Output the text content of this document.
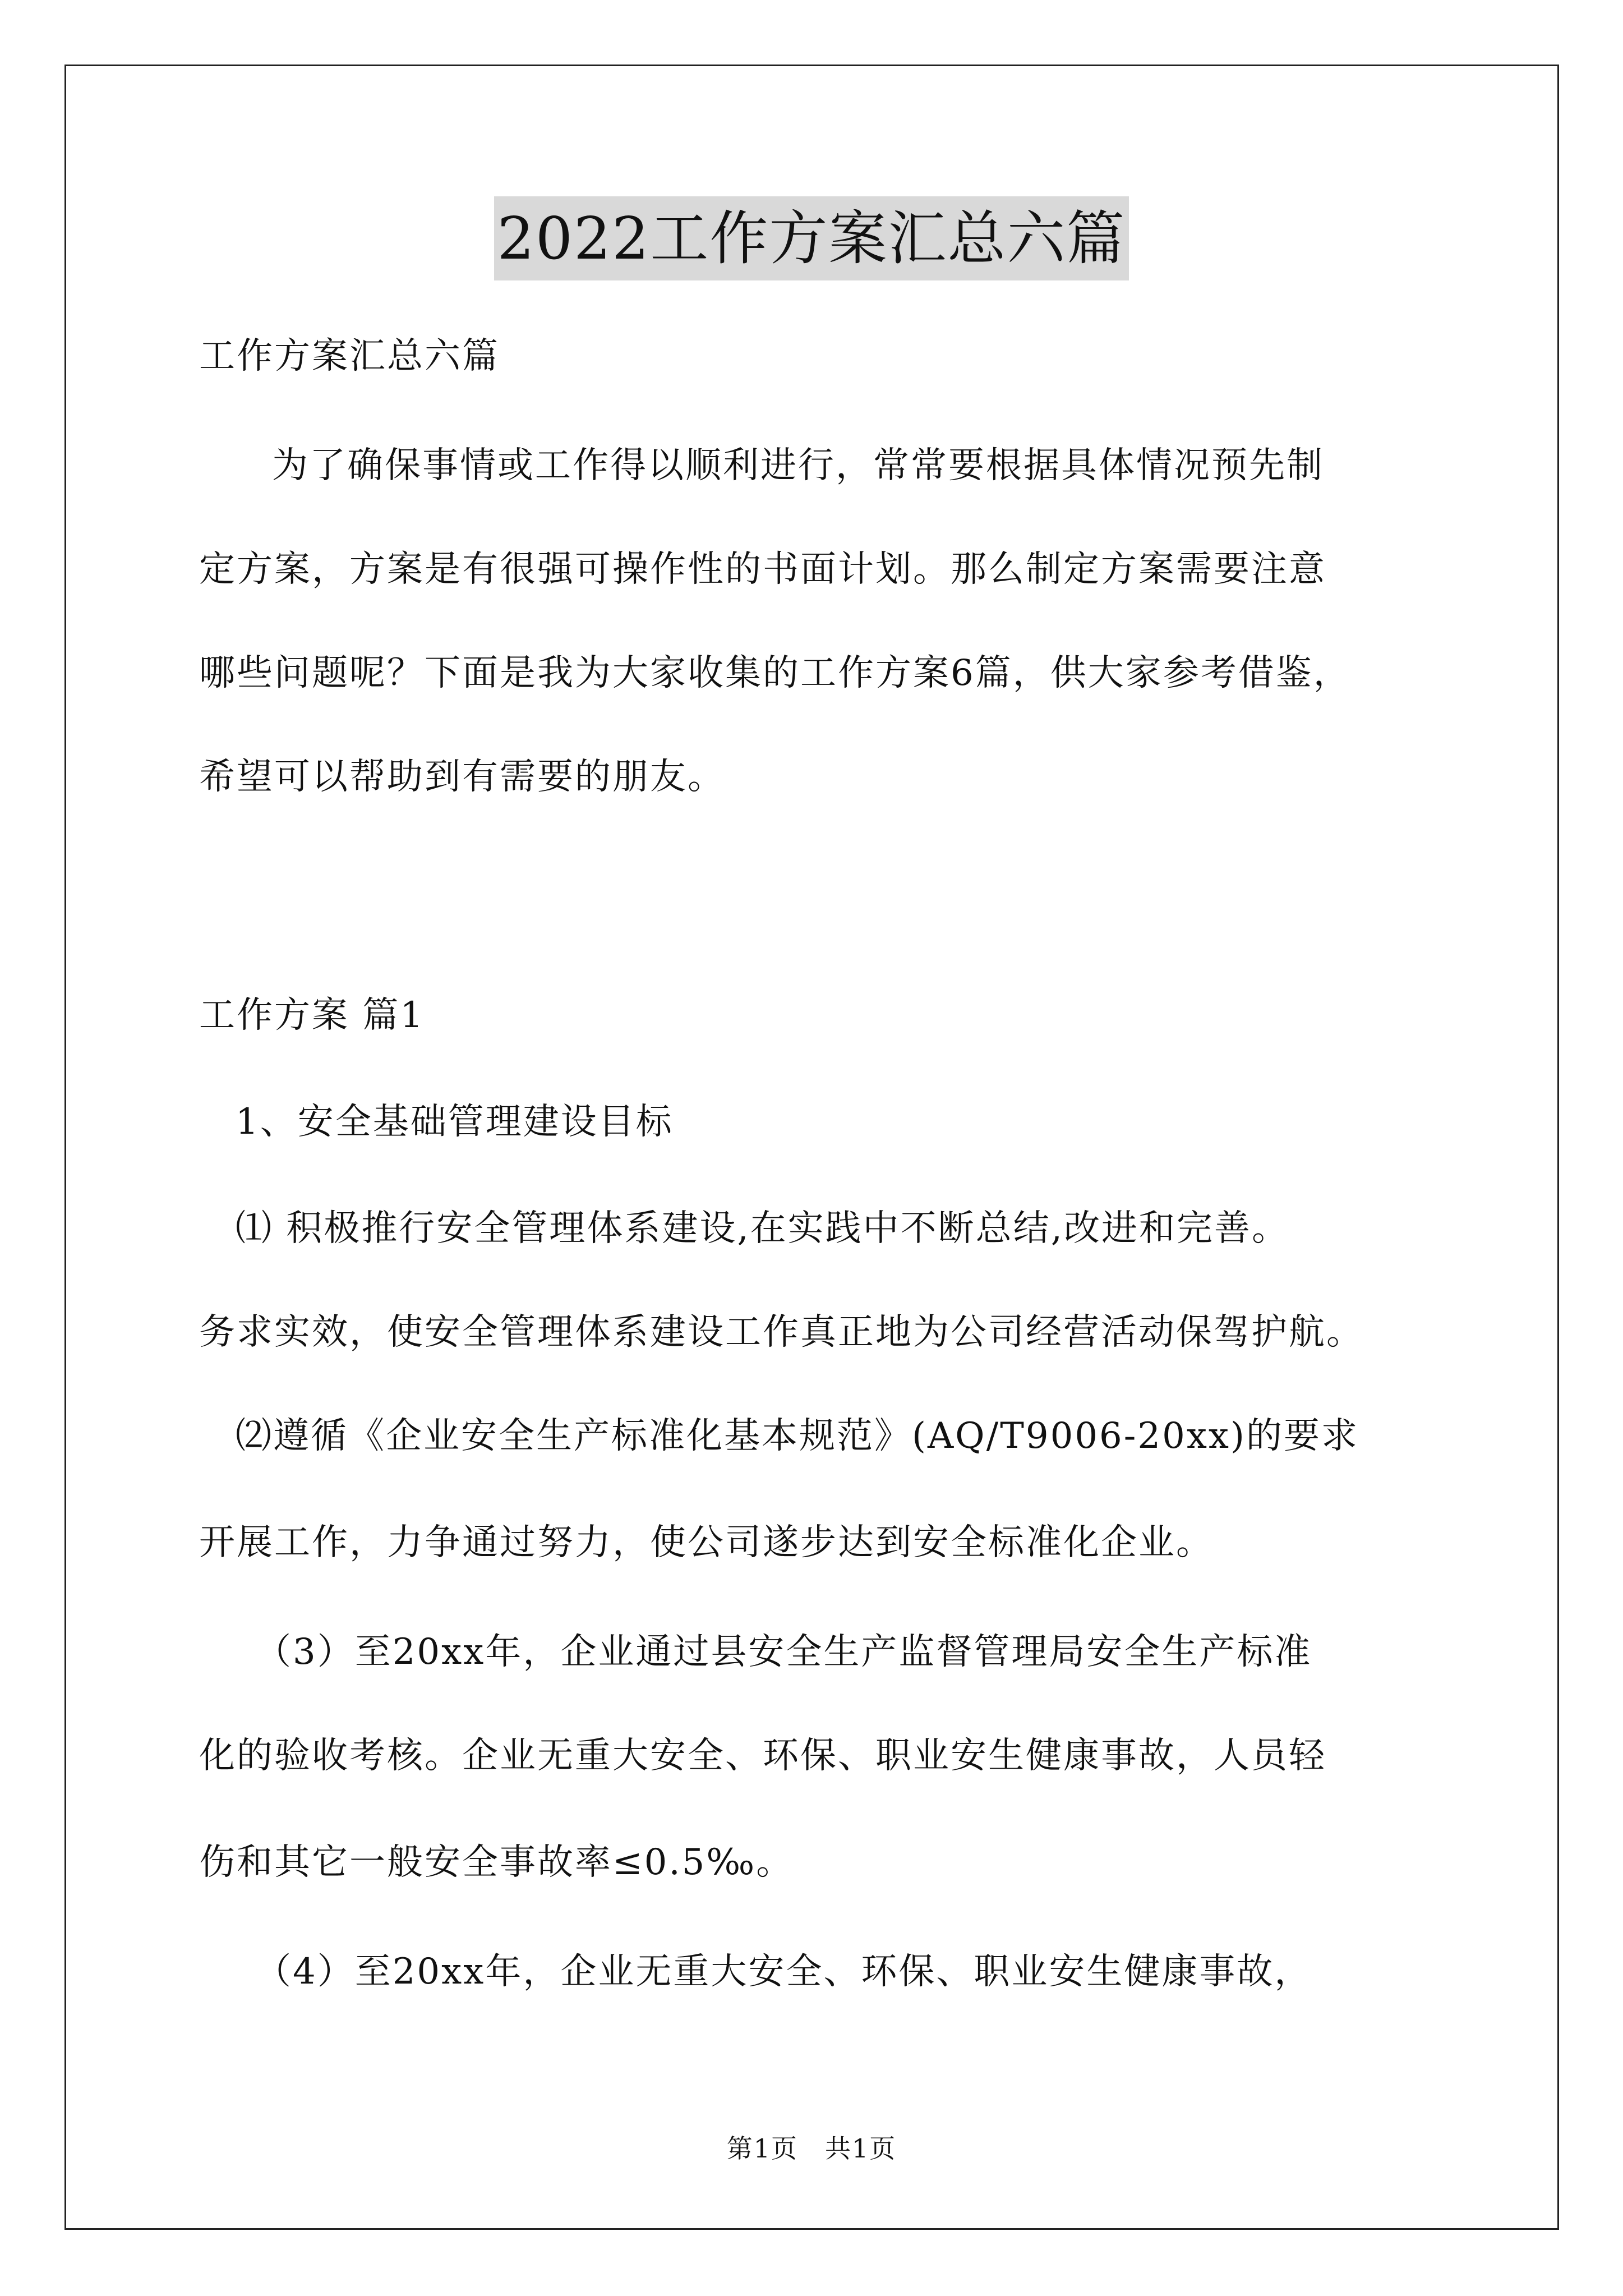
2022工作方案汇总六篇
工作方案汇总六篇
为了确保事情或工作得以顺利进行，常常要根据具体情况预先制
定方案，方案是有很强可操作性的书面计划。那么制定方案需要注意
哪些问题呢？下面是我为大家收集的工作方案6篇，供大家参考借鉴，
希望可以帮助到有需要的朋友。
工作方案 篇1
1、安全基础管理建设目标
⑴ 积极推行安全管理体系建设,在实践中不断总结,改进和完善。
务求实效，使安全管理体系建设工作真正地为公司经营活动保驾护航。
⑵遵循《企业安全生产标准化基本规范》(AQ/T9006-20xx)的要求
开展工作，力争通过努力，使公司遂步达到安全标准化企业。
（3）至20xx年，企业通过县安全生产监督管理局安全生产标准
化的验收考核。企业无重大安全、环保、职业安生健康事故，人员轻
伤和其它一般安全事故率≤0.5‰。
（4）至20xx年，企业无重大安全、环保、职业安生健康事故，
第1页　共1页
